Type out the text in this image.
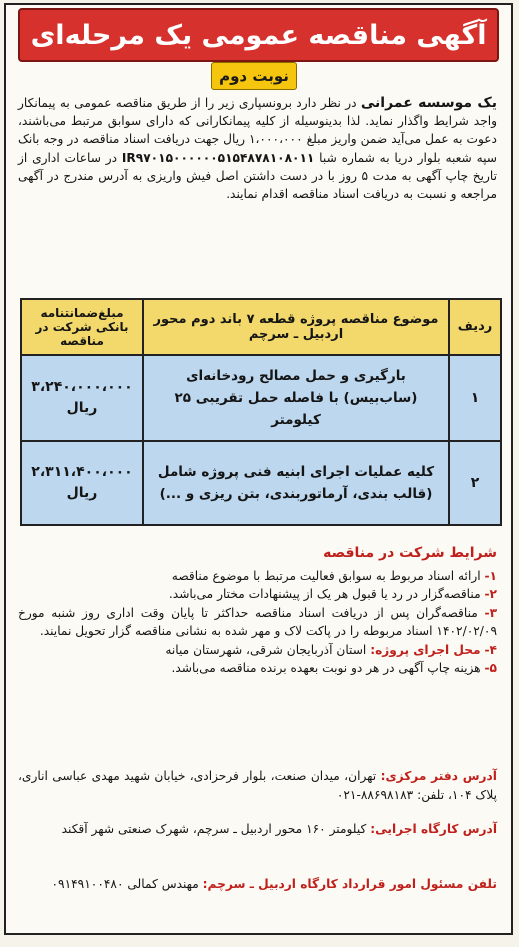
آگهی مناقصه عمومی یک مرحله‌ای
نوبت دوم

یک موسسه عمرانی در نظر دارد برونسپاری زیر را از طریق مناقصه عمومی به پیمانکار واجد شرایط واگذار نماید. لذا بدینوسیله از کلیه پیمانکارانی که دارای سوابق مرتبط می‌باشند، دعوت به عمل می‌آید ضمن واریز مبلغ ۱،۰۰۰،۰۰۰ ریال جهت دریافت اسناد مناقصه در وجه بانک سپه شعبه بلوار دریا به شماره شبا IR۹۷۰۱۵۰۰۰۰۰۰۵۱۵۴۸۷۸۱۰۸۰۱۱ در ساعات اداری از تاریخ چاپ آگهی به مدت ۵ روز با در دست داشتن اصل فیش واریزی به آدرس مندرج در آگهی مراجعه و نسبت به دریافت اسناد مناقصه اقدام نمایند.

ردیف	موضوع مناقصه پروژه قطعه ۷ باند دوم محور اردبیل ـ سرچم	مبلغ‌ضمانتنامه بانکی شرکت در مناقصه
۱	بارگیری و حمل مصالح رودخانه‌ای (ساب‌بیس) با فاصله حمل تقریبی ۲۵ کیلومتر	۳،۲۴۰،۰۰۰،۰۰۰
ریال

۲	کلیه عملیات اجرای ابنیه فنی پروژه شامل (قالب بندی، آرماتوربندی، بتن ریزی و ...)	۲،۳۱۱،۴۰۰،۰۰۰
ریال
شرایط شرکت در مناقصه
۱- ارائه اسناد مربوط به سوابق فعالیت مرتبط با موضوع مناقصه
۲- مناقصه‌گزار در رد یا قبول هر یک از پیشنهادات مختار می‌باشد.
۳- مناقصه‌گران پس از دریافت اسناد مناقصه حداکثر تا پایان وقت اداری روز شنبه مورخ ۱۴۰۲/۰۲/۰۹ اسناد مربوطه را در پاکت لاک و مهر شده به نشانی مناقصه گزار تحویل نمایند.
۴- محل اجرای پروژه: استان آذربایجان شرقی، شهرستان میانه
۵- هزینه چاپ آگهی در هر دو نوبت بعهده برنده مناقصه می‌باشد.
آدرس دفتر مرکزی: تهران، میدان صنعت، بلوار فرحزادی، خیابان شهید مهدی عباسی اناری، پلاک ۱۰۴، تلفن: ۸۸۶۹۸۱۸۳-۰۲۱
آدرس کارگاه اجرایی: کیلومتر ۱۶۰ محور اردبیل ـ سرچم، شهرک صنعتی شهر آقکند
تلفن مسئول امور قرارداد کارگاه اردبیل ـ سرچم: مهندس کمالی ۰۹۱۴۹۱۰۰۴۸۰
